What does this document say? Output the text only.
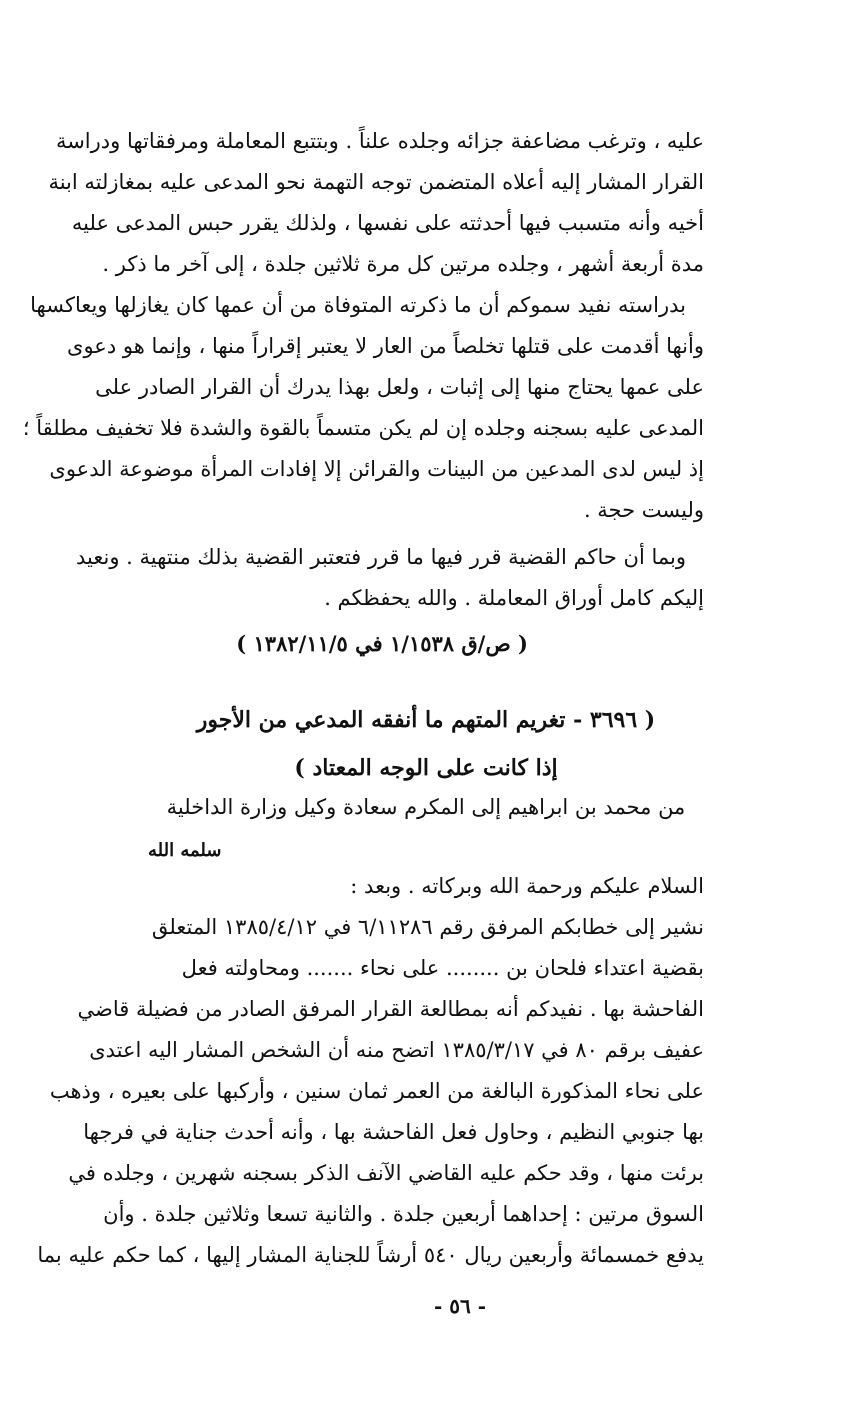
عليه ، وترغب مضاعفة جزائه وجلده علناً . وبتتبع المعاملة ومرفقاتها ودراسة
القرار المشار إليه أعلاه المتضمن توجه التهمة نحو المدعى عليه بمغازلته ابنة
أخيه وأنه متسبب فيها أحدثته على نفسها ، ولذلك يقرر حبس المدعى عليه
مدة أربعة أشهر ، وجلده مرتين كل مرة ثلاثين جلدة ، إلى آخر ما ذكر .
بدراسته نفيد سموكم أن ما ذكرته المتوفاة من أن عمها كان يغازلها ويعاكسها
وأنها أقدمت على قتلها تخلصاً من العار لا يعتبر إقراراً منها ، وإنما هو دعوى
على عمها يحتاج منها إلى إثبات ، ولعل بهذا يدرك أن القرار الصادر على
المدعى عليه بسجنه وجلده إن لم يكن متسماً بالقوة والشدة فلا تخفيف مطلقاً ؛
إذ ليس لدى المدعين من البينات والقرائن إلا إفادات المرأة موضوعة الدعوى
وليست حجة .
وبما أن حاكم القضية قرر فيها ما قرر فتعتبر القضية بذلك منتهية . ونعيد
إليكم كامل أوراق المعاملة . والله يحفظكم .
( ص/ق ١/١٥٣٨ في ١٣٨٢/١١/٥ )
( ٣٦٩٦ - تغريم المتهم ما أنفقه المدعي من الأجور
إذا كانت على الوجه المعتاد )
من محمد بن ابراهيم إلى المكرم سعادة وكيل وزارة الداخلية
سلمه الله
السلام عليكم ورحمة الله وبركاته . وبعد :
نشير إلى خطابكم المرفق رقم ٦/١١٢٨٦ في ١٣٨٥/٤/١٢ المتعلق
بقضية اعتداء فلحان بن ........ على نحاء ....... ومحاولته فعل
الفاحشة بها . نفيدكم أنه بمطالعة القرار المرفق الصادر من فضيلة قاضي
عفيف برقم ٨٠ في ١٣٨٥/٣/١٧ اتضح منه أن الشخص المشار اليه اعتدى
على نحاء المذكورة البالغة من العمر ثمان سنين ، وأركبها على بعيره ، وذهب
بها جنوبي النظيم ، وحاول فعل الفاحشة بها ، وأنه أحدث جناية في فرجها
برئت منها ، وقد حكم عليه القاضي الآنف الذكر بسجنه شهرين ، وجلده في
السوق مرتين : إحداهما أربعين جلدة . والثانية تسعا وثلاثين جلدة . وأن
يدفع خمسمائة وأربعين ريال ٥٤٠ أرشاً للجناية المشار إليها ، كما حكم عليه بما
- ٥٦ -
